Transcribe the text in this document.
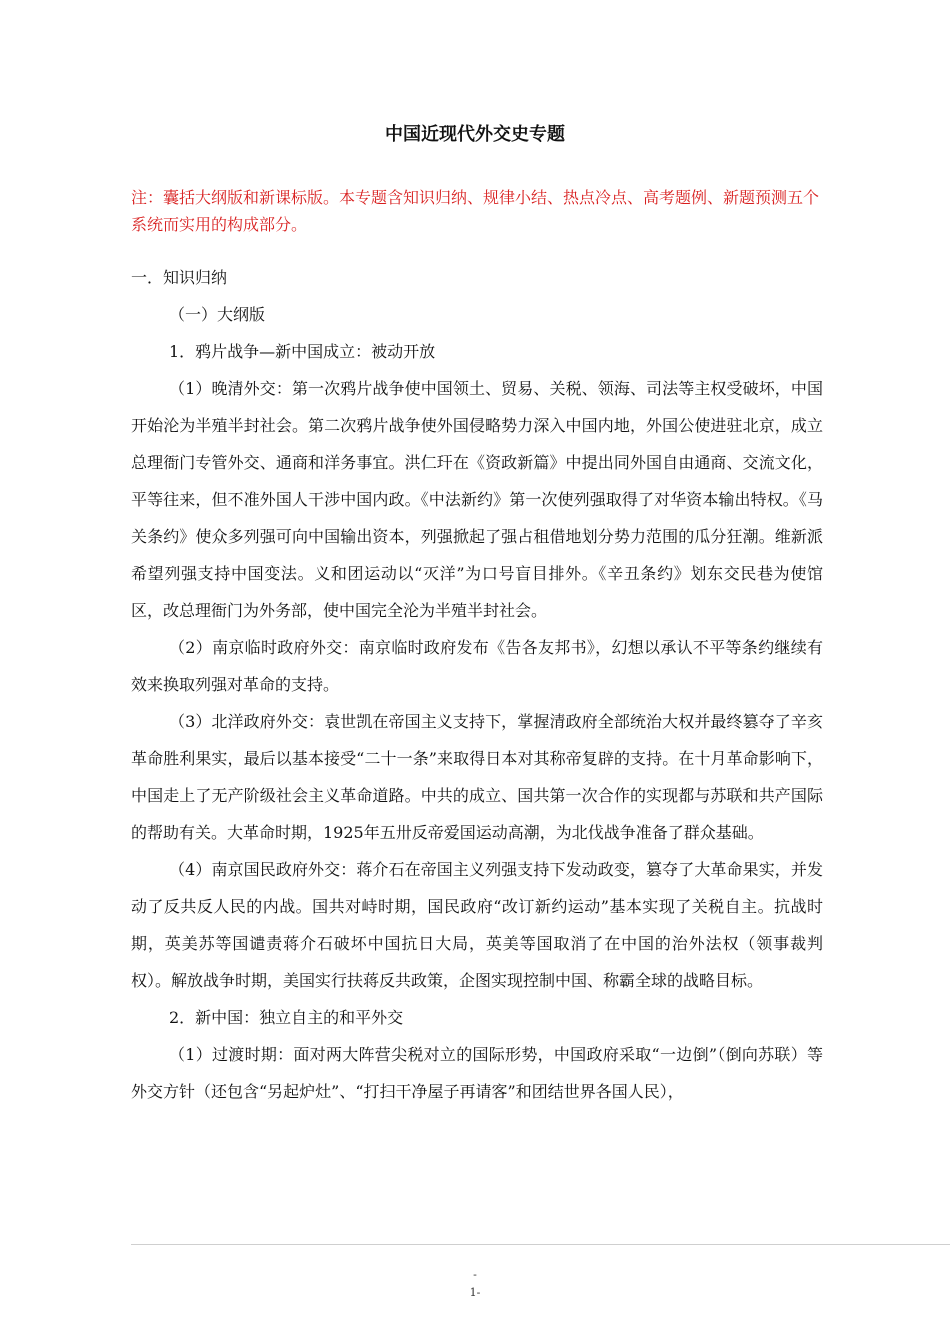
中国近现代外交史专题
注：囊括大纲版和新课标版。本专题含知识归纳、规律小结、热点冷点、高考题例、新题预测五个系统而实用的构成部分。

一．知识归纳

（一）大纲版

1．鸦片战争—新中国成立：被动开放

（1）晚清外交：第一次鸦片战争使中国领土、贸易、关税、领海、司法等主权受破坏，中国开始沦为半殖半封社会。第二次鸦片战争使外国侵略势力深入中国内地，外国公使进驻北京，成立总理衙门专管外交、通商和洋务事宜。洪仁玕在《资政新篇》中提出同外国自由通商、交流文化，平等往来，但不准外国人干涉中国内政。《中法新约》第一次使列强取得了对华资本输出特权。《马关条约》使众多列强可向中国输出资本，列强掀起了强占租借地划分势力范围的瓜分狂潮。维新派希望列强支持中国变法。义和团运动以“灭洋”为口号盲目排外。《辛丑条约》划东交民巷为使馆区，改总理衙门为外务部，使中国完全沦为半殖半封社会。

（2）南京临时政府外交：南京临时政府发布《告各友邦书》，幻想以承认不平等条约继续有效来换取列强对革命的支持。

（3）北洋政府外交：袁世凯在帝国主义支持下，掌握清政府全部统治大权并最终篡夺了辛亥革命胜利果实，最后以基本接受“二十一条”来取得日本对其称帝复辟的支持。在十月革命影响下，中国走上了无产阶级社会主义革命道路。中共的成立、国共第一次合作的实现都与苏联和共产国际的帮助有关。大革命时期，1925年五卅反帝爱国运动高潮，为北伐战争准备了群众基础。

（4）南京国民政府外交：蒋介石在帝国主义列强支持下发动政变，篡夺了大革命果实，并发动了反共反人民的内战。国共对峙时期，国民政府“改订新约运动”基本实现了关税自主。抗战时期，英美苏等国谴责蒋介石破坏中国抗日大局，英美等国取消了在中国的治外法权（领事裁判权）。解放战争时期，美国实行扶蒋反共政策，企图实现控制中国、称霸全球的战略目标。

2．新中国：独立自主的和平外交

（1）过渡时期：面对两大阵营尖税对立的国际形势，中国政府采取“一边倒”（倒向苏联）等外交方针（还包含“另起炉灶”、“打扫干净屋子再请客”和团结世界各国人民），

-
1-
